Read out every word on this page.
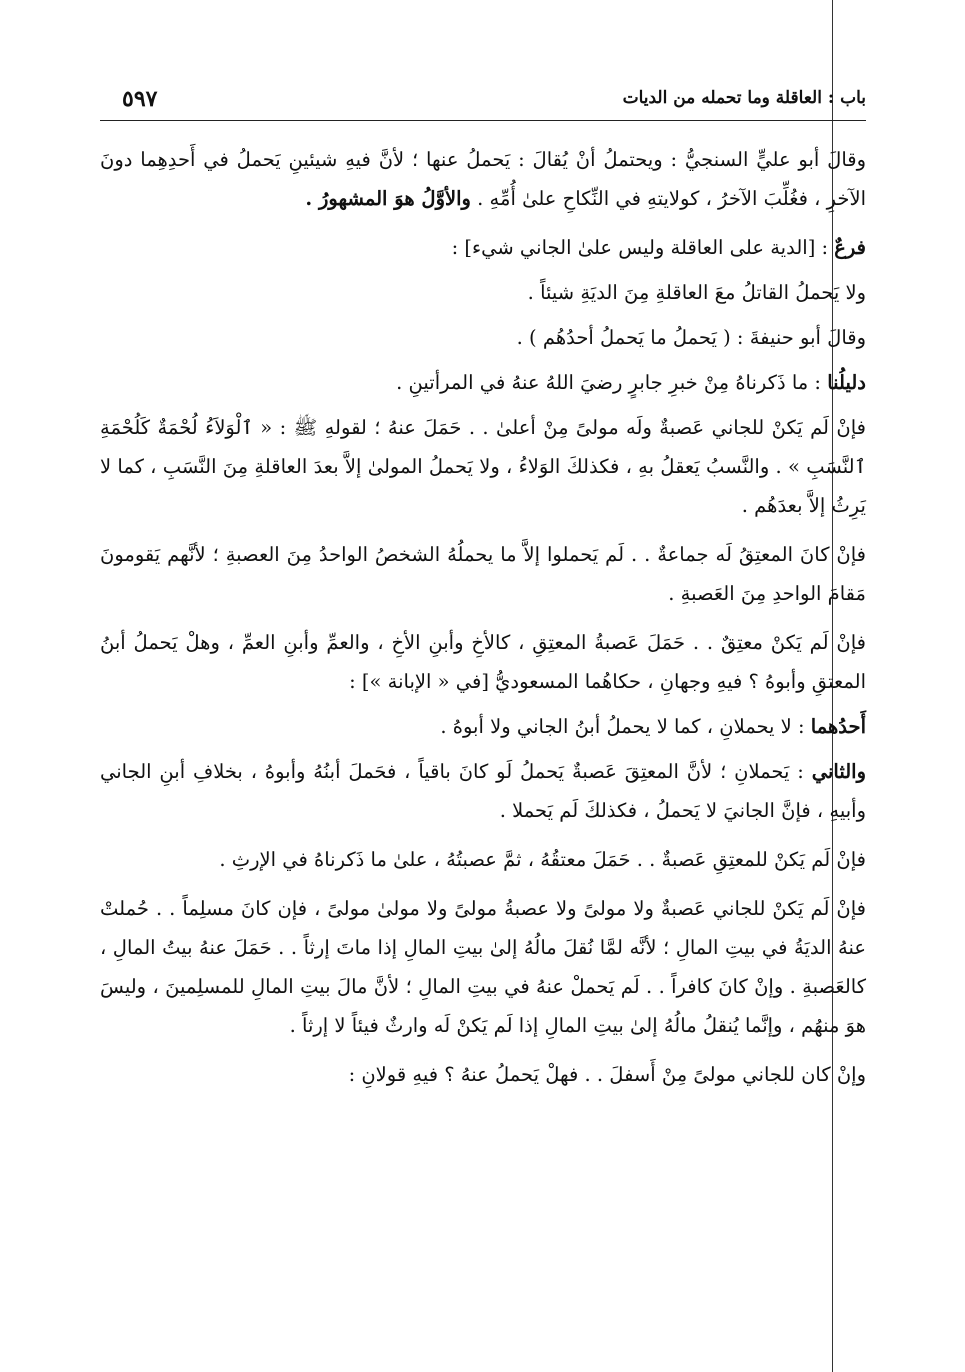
باب : العاقلة وما تحمله من الديات
٥٩٧

وقالَ أبو عليٍّ السنجيُّ : ويحتملُ أنْ يُقالَ : يَحملُ عنها ؛ لأنَّ فيهِ شيئينِ يَحملُ في أَحدِهِما دونَ الآخرِ ، فغُلِّبَ الآخرُ ، كولايتهِ في النِّكاحِ علىٰ أُمِّهِ . والأوَّلُ هوَ المشهورُ .

فرعٌ : [الدية على العاقلة وليس علىٰ الجاني شيء] :

ولا يَحملُ القاتلُ معَ العاقلةِ مِنَ الديَةِ شيئاً .

وقالَ أبو حنيفةَ : ( يَحملُ ما يَحملُ أحدُهُم ) .

دليلُنا : ما ذَكرناهُ مِنْ خبرِ جابرٍ رضيَ اللهُ عنهُ في المرأتينِ .

فإنْ لَم يَكنْ للجاني عَصبةٌ ولَه مولىً مِنْ أعلىٰ . . حَمَلَ عنهُ ؛ لقولهِ ﷺ : « ٱلْوَلاَءُ لُحْمَةٌ كَلُحْمَةِ ٱلنَّسَبِ » . والنَّسبُ يَعقلُ بهِ ، فكذلكَ الوَلاءُ ، ولا يَحملُ المولىٰ إلاَّ بعدَ العاقلةِ مِنَ النَّسَبِ ، كما لا يَرِثُ إلاَّ بعدَهُم .

فإنْ كانَ المعتِقُ لَه جماعةٌ . . لَم يَحملوا إلاَّ ما يحملُهُ الشخصُ الواحدُ مِنَ العصبةِ ؛ لأنَّهم يَقومونَ مَقامَ الواحدِ مِنَ العَصبةِ .

فإنْ لَم يَكنْ معتِقٌ . . حَمَلَ عَصبةُ المعتِقِ ، كالأخِ وأبنِ الأخِ ، والعمِّ وأبنِ العمِّ ، وهلْ يَحملُ أبنُ المعتقِ وأبوهُ ؟ فيهِ وجهانِ ، حكاهُما المسعوديُّ [في « الإبانة »] :

أَحدُهما : لا يحملانِ ، كما لا يحملُ أبنُ الجاني ولا أبوهُ .

والثاني : يَحملانِ ؛ لأنَّ المعتِقَ عَصبةٌ يَحملُ لَو كانَ باقياً ، فحَملَ أبنُهُ وأبوهُ ، بخلافِ أبنِ الجاني وأبيهِ ، فإنَّ الجانيَ لا يَحملُ ، فكذلكَ لَم يَحملا .

فإنْ لَم يَكنْ للمعتِقِ عَصبةٌ . . حَمَلَ معتقُهُ ، ثمَّ عصبتُهُ ، علىٰ ما ذَكرناهُ في الإرثِ .

فإنْ لَم يَكنْ للجاني عَصبةٌ ولا مولىً ولا عصبةُ مولىً ولا مولىٰ مولىً ، فإن كانَ مسلِماً . . حُملتْ عنهُ الديَةُ في بيتِ المالِ ؛ لأنَّه لمَّا نُقلَ مالُهُ إلىٰ بيتِ المالِ إذا ماتَ إرثاً . . حَمَلَ عنهُ بيتُ المالِ ، كالعَصبةِ . وإنْ كانَ كافراً . . لَم يَحملْ عنهُ في بيتِ المالِ ؛ لأنَّ مالَ بيتِ المالِ للمسلِمينَ ، وليسَ هوَ منهُم ، وإنَّما يُنقلُ مالُهُ إلىٰ بيتِ المالِ إذا لَم يَكنْ لَه وارثٌ فيئاً لا إرثاً .

وإنْ كان للجاني مولىً مِنْ أَسفلَ . . فهلْ يَحملُ عنهُ ؟ فيهِ قولانِ :
